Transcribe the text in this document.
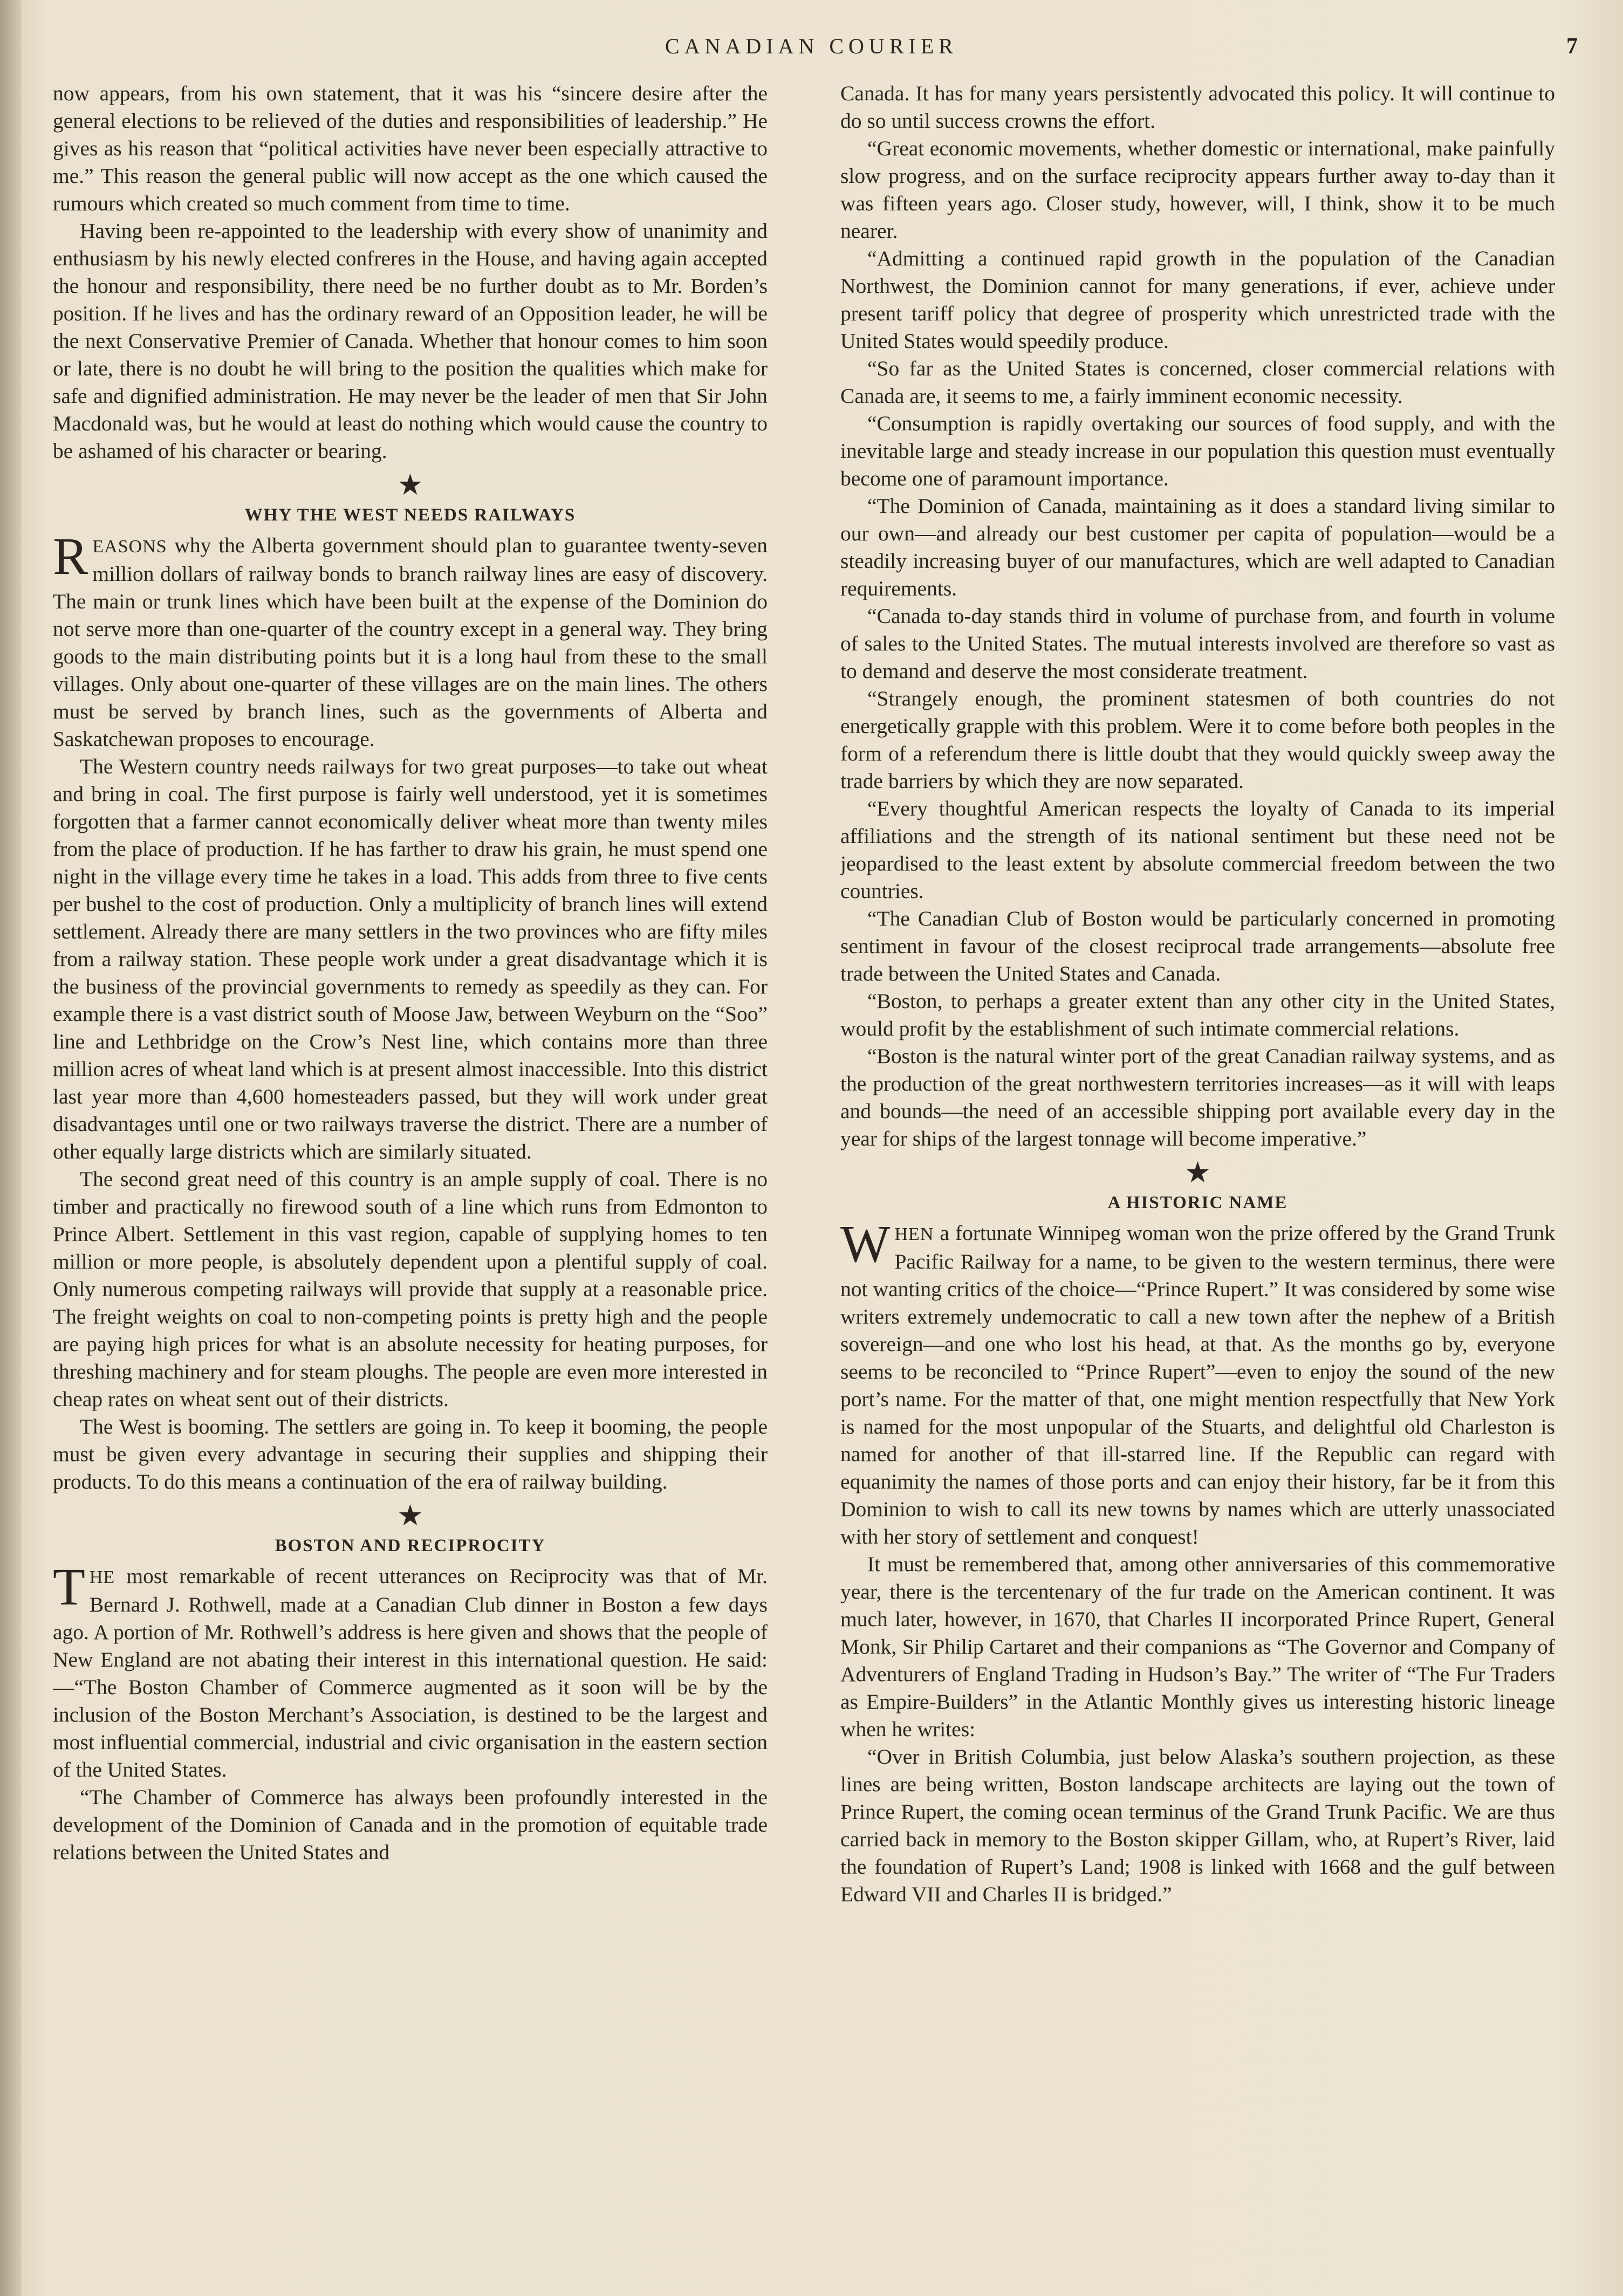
CANADIAN COURIER	7

now appears, from his own statement, that it was his “sincere desire after the general elections to be relieved of the duties and responsibilities of leadership.” He gives as his reason that “political activities have never been especially attractive to me.” This reason the general public will now accept as the one which caused the rumours which created so much comment from time to time.

Having been re-appointed to the leadership with every show of unanimity and enthusiasm by his newly elected confreres in the House, and having again accepted the honour and responsibility, there need be no further doubt as to Mr. Borden’s position. If he lives and has the ordinary reward of an Opposition leader, he will be the next Conservative Premier of Canada. Whether that honour comes to him soon or late, there is no doubt he will bring to the position the qualities which make for safe and dignified administration. He may never be the leader of men that Sir John Macdonald was, but he would at least do nothing which would cause the country to be ashamed of his character or bearing.

★
WHY THE WEST NEEDS RAILWAYS

REASONS why the Alberta government should plan to guarantee twenty-seven million dollars of railway bonds to branch railway lines are easy of discovery. The main or trunk lines which have been built at the expense of the Dominion do not serve more than one-quarter of the country except in a general way. They bring goods to the main distributing points but it is a long haul from these to the small villages. Only about one-quarter of these villages are on the main lines. The others must be served by branch lines, such as the governments of Alberta and Saskatchewan proposes to encourage.

The Western country needs railways for two great purposes—to take out wheat and bring in coal. The first purpose is fairly well understood, yet it is sometimes forgotten that a farmer cannot economically deliver wheat more than twenty miles from the place of production. If he has farther to draw his grain, he must spend one night in the village every time he takes in a load. This adds from three to five cents per bushel to the cost of production. Only a multiplicity of branch lines will extend settlement. Already there are many settlers in the two provinces who are fifty miles from a railway station. These people work under a great disadvantage which it is the business of the provincial governments to remedy as speedily as they can. For example there is a vast district south of Moose Jaw, between Weyburn on the “Soo” line and Lethbridge on the Crow’s Nest line, which contains more than three million acres of wheat land which is at present almost inaccessible. Into this district last year more than 4,600 homesteaders passed, but they will work under great disadvantages until one or two railways traverse the district. There are a number of other equally large districts which are similarly situated.

The second great need of this country is an ample supply of coal. There is no timber and practically no firewood south of a line which runs from Edmonton to Prince Albert. Settlement in this vast region, capable of supplying homes to ten million or more people, is absolutely dependent upon a plentiful supply of coal. Only numerous competing railways will provide that supply at a reasonable price. The freight weights on coal to non-competing points is pretty high and the people are paying high prices for what is an absolute necessity for heating purposes, for threshing machinery and for steam ploughs. The people are even more interested in cheap rates on wheat sent out of their districts.

The West is booming. The settlers are going in. To keep it booming, the people must be given every advantage in securing their supplies and shipping their products. To do this means a continuation of the era of railway building.

★
BOSTON AND RECIPROCITY

THE most remarkable of recent utterances on Reciprocity was that of Mr. Bernard J. Rothwell, made at a Canadian Club dinner in Boston a few days ago. A portion of Mr. Rothwell’s address is here given and shows that the people of New England are not abating their interest in this international question. He said:—“The Boston Chamber of Commerce augmented as it soon will be by the inclusion of the Boston Merchant’s Association, is destined to be the largest and most influential commercial, industrial and civic organisation in the eastern section of the United States.

“The Chamber of Commerce has always been profoundly interested in the development of the Dominion of Canada and in the promotion of equitable trade relations between the United States and

Canada. It has for many years persistently advocated this policy. It will continue to do so until success crowns the effort.

“Great economic movements, whether domestic or international, make painfully slow progress, and on the surface reciprocity appears further away to-day than it was fifteen years ago. Closer study, however, will, I think, show it to be much nearer.

“Admitting a continued rapid growth in the population of the Canadian Northwest, the Dominion cannot for many generations, if ever, achieve under present tariff policy that degree of prosperity which unrestricted trade with the United States would speedily produce.

“So far as the United States is concerned, closer commercial relations with Canada are, it seems to me, a fairly imminent economic necessity.

“Consumption is rapidly overtaking our sources of food supply, and with the inevitable large and steady increase in our population this question must eventually become one of paramount importance.

“The Dominion of Canada, maintaining as it does a standard living similar to our own—and already our best customer per capita of population—would be a steadily increasing buyer of our manufactures, which are well adapted to Canadian requirements.

“Canada to-day stands third in volume of purchase from, and fourth in volume of sales to the United States. The mutual interests involved are therefore so vast as to demand and deserve the most considerate treatment.

“Strangely enough, the prominent statesmen of both countries do not energetically grapple with this problem. Were it to come before both peoples in the form of a referendum there is little doubt that they would quickly sweep away the trade barriers by which they are now separated.

“Every thoughtful American respects the loyalty of Canada to its imperial affiliations and the strength of its national sentiment but these need not be jeopardised to the least extent by absolute commercial freedom between the two countries.

“The Canadian Club of Boston would be particularly concerned in promoting sentiment in favour of the closest reciprocal trade arrangements—absolute free trade between the United States and Canada.

“Boston, to perhaps a greater extent than any other city in the United States, would profit by the establishment of such intimate commercial relations.

“Boston is the natural winter port of the great Canadian railway systems, and as the production of the great northwestern territories increases—as it will with leaps and bounds—the need of an accessible shipping port available every day in the year for ships of the largest tonnage will become imperative.”

★
A HISTORIC NAME

WHEN a fortunate Winnipeg woman won the prize offered by the Grand Trunk Pacific Railway for a name, to be given to the western terminus, there were not wanting critics of the choice—“Prince Rupert.” It was considered by some wise writers extremely undemocratic to call a new town after the nephew of a British sovereign—and one who lost his head, at that. As the months go by, everyone seems to be reconciled to “Prince Rupert”—even to enjoy the sound of the new port’s name. For the matter of that, one might mention respectfully that New York is named for the most unpopular of the Stuarts, and delightful old Charleston is named for another of that ill-starred line. If the Republic can regard with equanimity the names of those ports and can enjoy their history, far be it from this Dominion to wish to call its new towns by names which are utterly unassociated with her story of settlement and conquest!

It must be remembered that, among other anniversaries of this commemorative year, there is the tercentenary of the fur trade on the American continent. It was much later, however, in 1670, that Charles II incorporated Prince Rupert, General Monk, Sir Philip Cartaret and their companions as “The Governor and Company of Adventurers of England Trading in Hudson’s Bay.” The writer of “The Fur Traders as Empire-Builders” in the Atlantic Monthly gives us interesting historic lineage when he writes:

“Over in British Columbia, just below Alaska’s southern projection, as these lines are being written, Boston landscape architects are laying out the town of Prince Rupert, the coming ocean terminus of the Grand Trunk Pacific. We are thus carried back in memory to the Boston skipper Gillam, who, at Rupert’s River, laid the foundation of Rupert’s Land; 1908 is linked with 1668 and the gulf between Edward VII and Charles II is bridged.”
